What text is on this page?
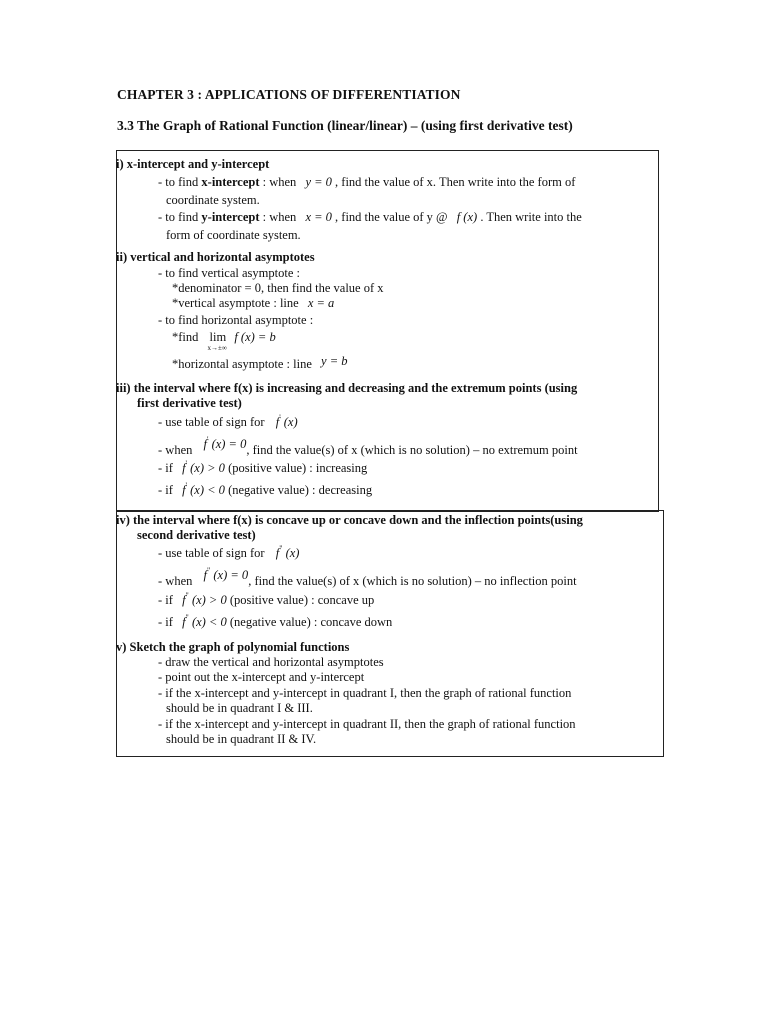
CHAPTER 3 : APPLICATIONS OF DIFFERENTIATION
3.3 The Graph of Rational Function (linear/linear) – (using first derivative test)
i) x-intercept and y-intercept
- to find x-intercept : when y = 0 , find the value of x. Then write into the form of
coordinate system.
- to find y-intercept : when x = 0 , find the value of y @ f (x) . Then write into the
form of coordinate system.
ii) vertical and horizontal asymptotes
- to find vertical asymptote :
*denominator = 0, then find the value of x
*vertical asymptote : line x = a
- to find horizontal asymptote :
*find lim
x→±∞
f (x) = b
*horizontal asymptote : line y = b
iii) the interval where f(x) is increasing and decreasing and the extremum points (using
first derivative test)
- use table of sign for f' (x)
- when f' (x) = 0, find the value(s) of x (which is no solution) – no extremum point
- if f' (x) > 0 (positive value) : increasing
- if f' (x) < 0 (negative value) : decreasing
iv) the interval where f(x) is concave up or concave down and the inflection points(using
second derivative test)
- use table of sign for f" (x)
- when f" (x) = 0, find the value(s) of x (which is no solution) – no inflection point
- if f" (x) > 0 (positive value) : concave up
- if f" (x) < 0 (negative value) : concave down
v) Sketch the graph of polynomial functions
- draw the vertical and horizontal asymptotes
- point out the x-intercept and y-intercept
- if the x-intercept and y-intercept in quadrant I, then the graph of rational function
should be in quadrant I & III.
- if the x-intercept and y-intercept in quadrant II, then the graph of rational function
should be in quadrant II & IV.
